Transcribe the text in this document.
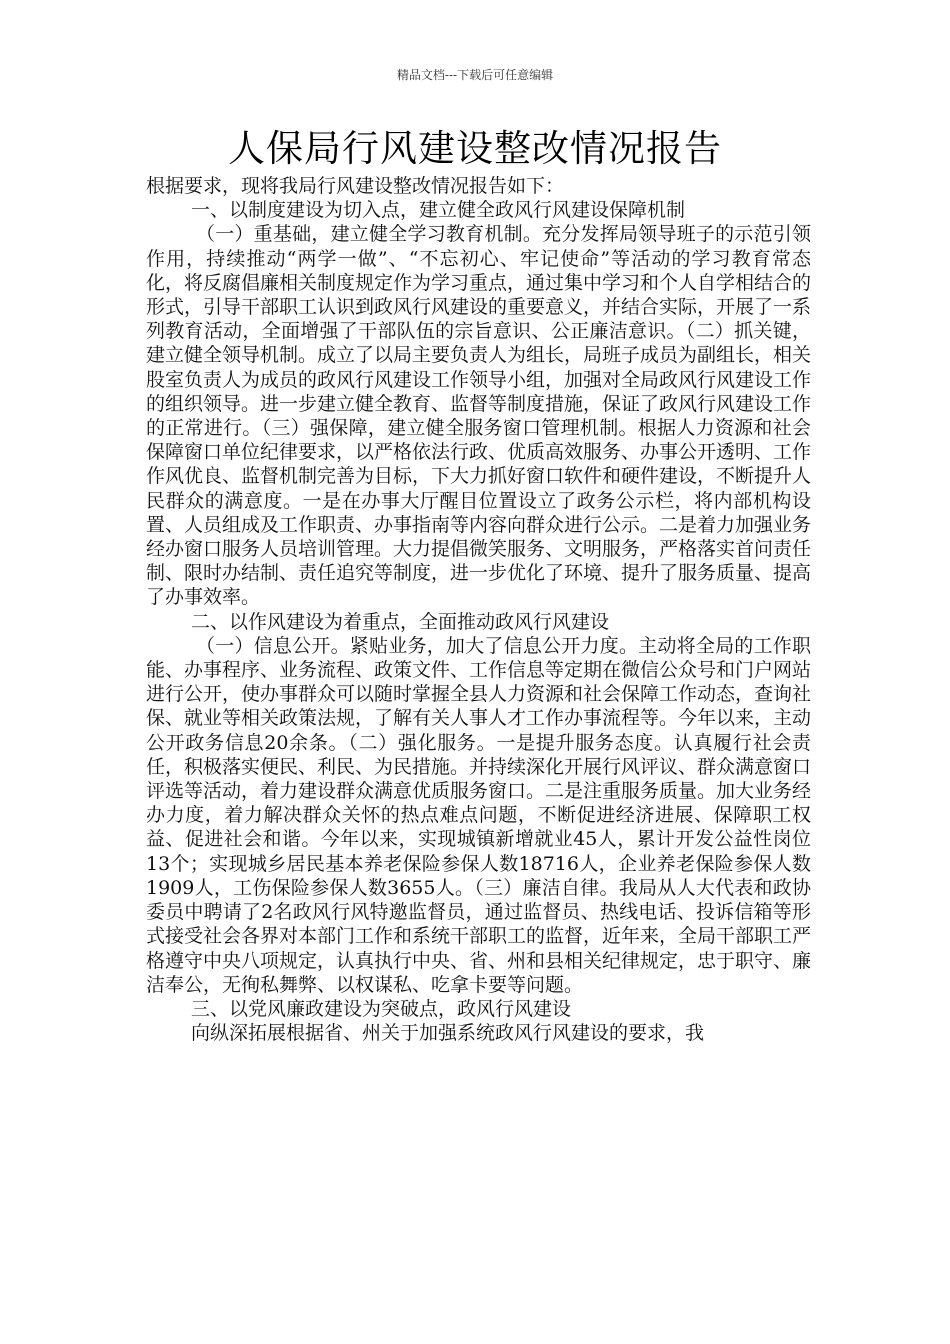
精品文档---下载后可任意编辑
人保局行风建设整改情况报告

根据要求，现将我局行风建设整改情况报告如下：

一、以制度建设为切入点，建立健全政风行风建设保障机制

（一）重基础，建立健全学习教育机制。充分发挥局领导班子的示范引领作用，持续推动“两学一做”、“不忘初心、牢记使命”等活动的学习教育常态化，将反腐倡廉相关制度规定作为学习重点，通过集中学习和个人自学相结合的形式，引导干部职工认识到政风行风建设的重要意义，并结合实际，开展了一系列教育活动，全面增强了干部队伍的宗旨意识、公正廉洁意识。（二）抓关键，建立健全领导机制。成立了以局主要负责人为组长，局班子成员为副组长，相关股室负责人为成员的政风行风建设工作领导小组，加强对全局政风行风建设工作的组织领导。进一步建立健全教育、监督等制度措施，保证了政风行风建设工作的正常进行。（三）强保障，建立健全服务窗口管理机制。根据人力资源和社会保障窗口单位纪律要求，以严格依法行政、优质高效服务、办事公开透明、工作作风优良、监督机制完善为目标，下大力抓好窗口软件和硬件建设，不断提升人民群众的满意度。一是在办事大厅醒目位置设立了政务公示栏，将内部机构设置、人员组成及工作职责、办事指南等内容向群众进行公示。二是着力加强业务经办窗口服务人员培训管理。大力提倡微笑服务、文明服务，严格落实首问责任制、限时办结制、责任追究等制度，进一步优化了环境、提升了服务质量、提高了办事效率。

二、以作风建设为着重点，全面推动政风行风建设

（一）信息公开。紧贴业务，加大了信息公开力度。主动将全局的工作职能、办事程序、业务流程、政策文件、工作信息等定期在微信公众号和门户网站进行公开，使办事群众可以随时掌握全县人力资源和社会保障工作动态，查询社保、就业等相关政策法规，了解有关人事人才工作办事流程等。今年以来，主动公开政务信息20余条。（二）强化服务。一是提升服务态度。认真履行社会责任，积极落实便民、利民、为民措施。并持续深化开展行风评议、群众满意窗口评选等活动，着力建设群众满意优质服务窗口。二是注重服务质量。加大业务经办力度，着力解决群众关怀的热点难点问题，不断促进经济进展、保障职工权益、促进社会和谐。今年以来，实现城镇新增就业45人，累计开发公益性岗位13个；实现城乡居民基本养老保险参保人数18716人，企业养老保险参保人数1909人，工伤保险参保人数3655人。（三）廉洁自律。我局从人大代表和政协委员中聘请了2名政风行风特邀监督员，通过监督员、热线电话、投诉信箱等形式接受社会各界对本部门工作和系统干部职工的监督，近年来，全局干部职工严格遵守中央八项规定，认真执行中央、省、州和县相关纪律规定，忠于职守、廉洁奉公，无徇私舞弊、以权谋私、吃拿卡要等问题。

三、以党风廉政建设为突破点，政风行风建设

向纵深拓展根据省、州关于加强系统政风行风建设的要求，我
